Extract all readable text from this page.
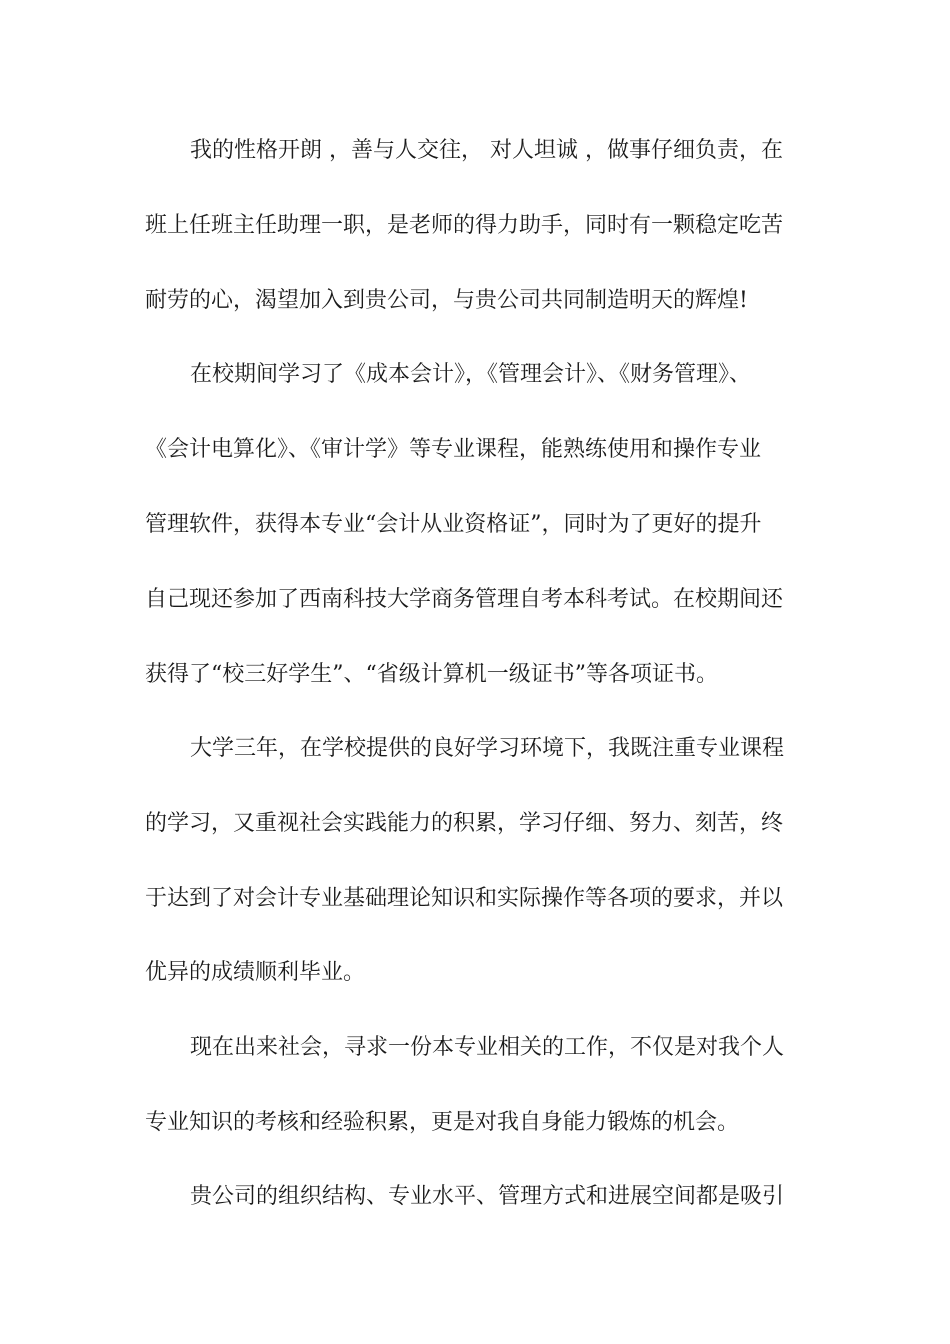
我的性格开朗 ，善与人交往， 对人坦诚 ，做事仔细负责，在
班上任班主任助理一职，是老师的得力助手，同时有一颗稳定吃苦
耐劳的心，渴望加入到贵公司，与贵公司共同制造明天的辉煌!
在校期间学习了《成本会计》，《管理会计》、《财务管理》、
《会计电算化》、《审计学》等专业课程，能熟练使用和操作专业
管理软件，获得本专业“会计从业资格证”，同时为了更好的提升
自己现还参加了西南科技大学商务管理自考本科考试。在校期间还
获得了“校三好学生”、“省级计算机一级证书”等各项证书。
大学三年，在学校提供的良好学习环境下，我既注重专业课程
的学习，又重视社会实践能力的积累，学习仔细、努力、刻苦，终
于达到了对会计专业基础理论知识和实际操作等各项的要求，并以
优异的成绩顺利毕业。
现在出来社会，寻求一份本专业相关的工作，不仅是对我个人
专业知识的考核和经验积累，更是对我自身能力锻炼的机会。
贵公司的组织结构、专业水平、管理方式和进展空间都是吸引
